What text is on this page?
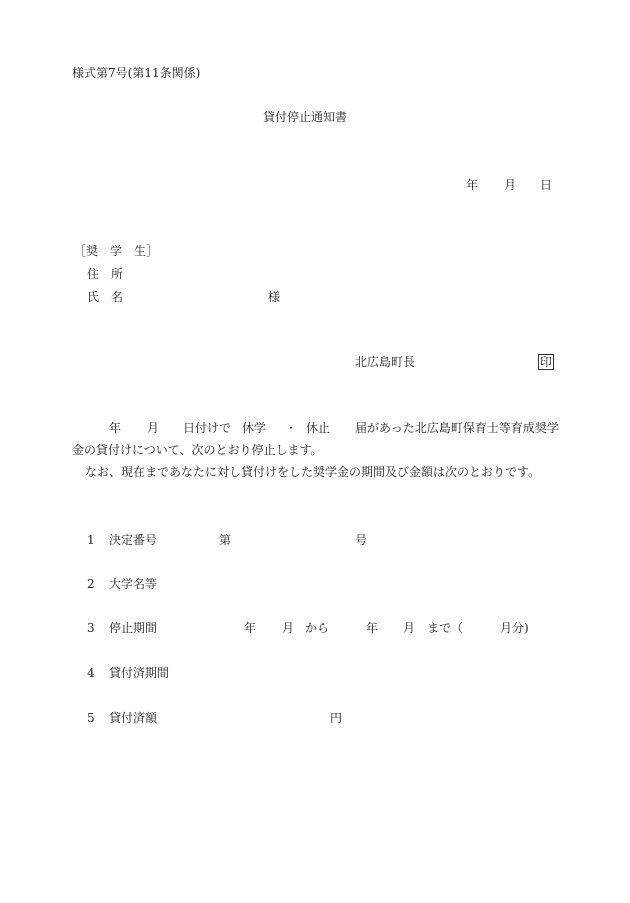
様式第7号(第11条関係)
貸付停止通知書
年 月 日
［奨　学　生］
住　所
氏　名	様
北広島町長	印
年 月 日付けで 休学 ・ 休止 届があった北広島町保育士等育成奨学
金の貸付けについて、次のとおり停止します。
なお、現在まであなたに対し貸付けをした奨学金の期間及び金額は次のとおりです。
1 決定番号	第	号
2 大学名等
3 停止期間	年 月 から	年 月 まで（	月分)
4 貸付済期間
5 貸付済額	円
